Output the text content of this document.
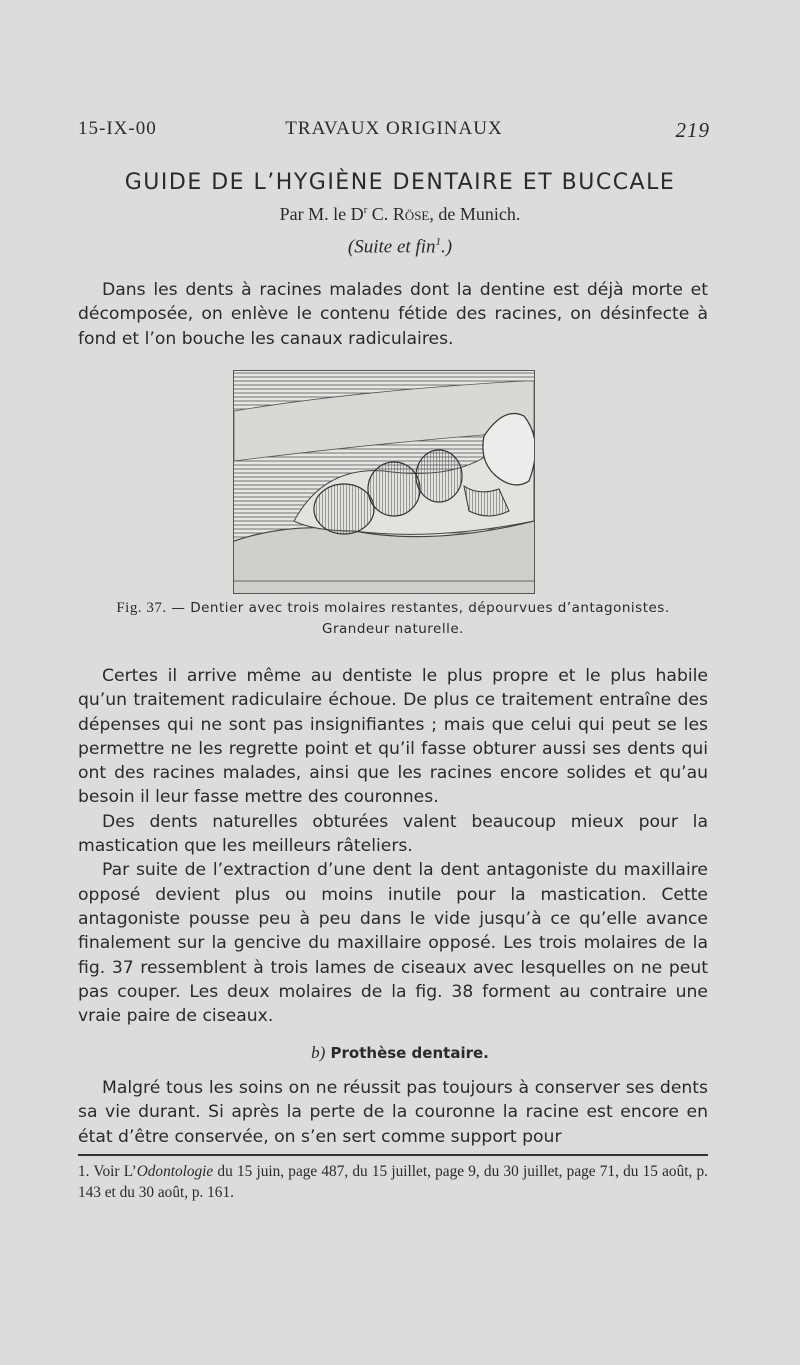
15-IX-00	TRAVAUX ORIGINAUX	219
GUIDE DE L’HYGIÈNE DENTAIRE ET BUCCALE
Par M. le $D^r$ C. Röse, de Munich.
(Suite et fin$^1$.)

Dans les dents à racines malades dont la dentine est déjà morte et décomposée, on enlève le contenu fétide des racines, on désinfecte à fond et l’on bouche les canaux radiculaires.

Fig. 37. — Dentier avec trois molaires restantes, dépourvues d’antagonistes.
Grandeur naturelle.

Certes il arrive même au dentiste le plus propre et le plus habile qu’un traitement radiculaire échoue. De plus ce traitement entraîne des dépenses qui ne sont pas insignifiantes ; mais que celui qui peut se les permettre ne les regrette point et qu’il fasse obturer aussi ses dents qui ont des racines malades, ainsi que les racines encore solides et qu’au besoin il leur fasse mettre des couronnes.

Des dents naturelles obturées valent beaucoup mieux pour la mastication que les meilleurs râteliers.

Par suite de l’extraction d’une dent la dent antagoniste du maxillaire opposé devient plus ou moins inutile pour la mastication. Cette antagoniste pousse peu à peu dans le vide jusqu’à ce qu’elle avance finalement sur la gencive du maxillaire opposé. Les trois molaires de la fig. 37 ressemblent à trois lames de ciseaux avec lesquelles on ne peut pas couper. Les deux molaires de la fig. 38 forment au contraire une vraie paire de ciseaux.

b) Prothèse dentaire.

Malgré tous les soins on ne réussit pas toujours à conserver ses dents sa vie durant. Si après la perte de la couronne la racine est encore en état d’être conservée, on s’en sert comme support pour

1. Voir L’Odontologie du 15 juin, page 487, du 15 juillet, page 9, du 30 juillet, page 71, du 15 août, p. 143 et du 30 août, p. 161.
